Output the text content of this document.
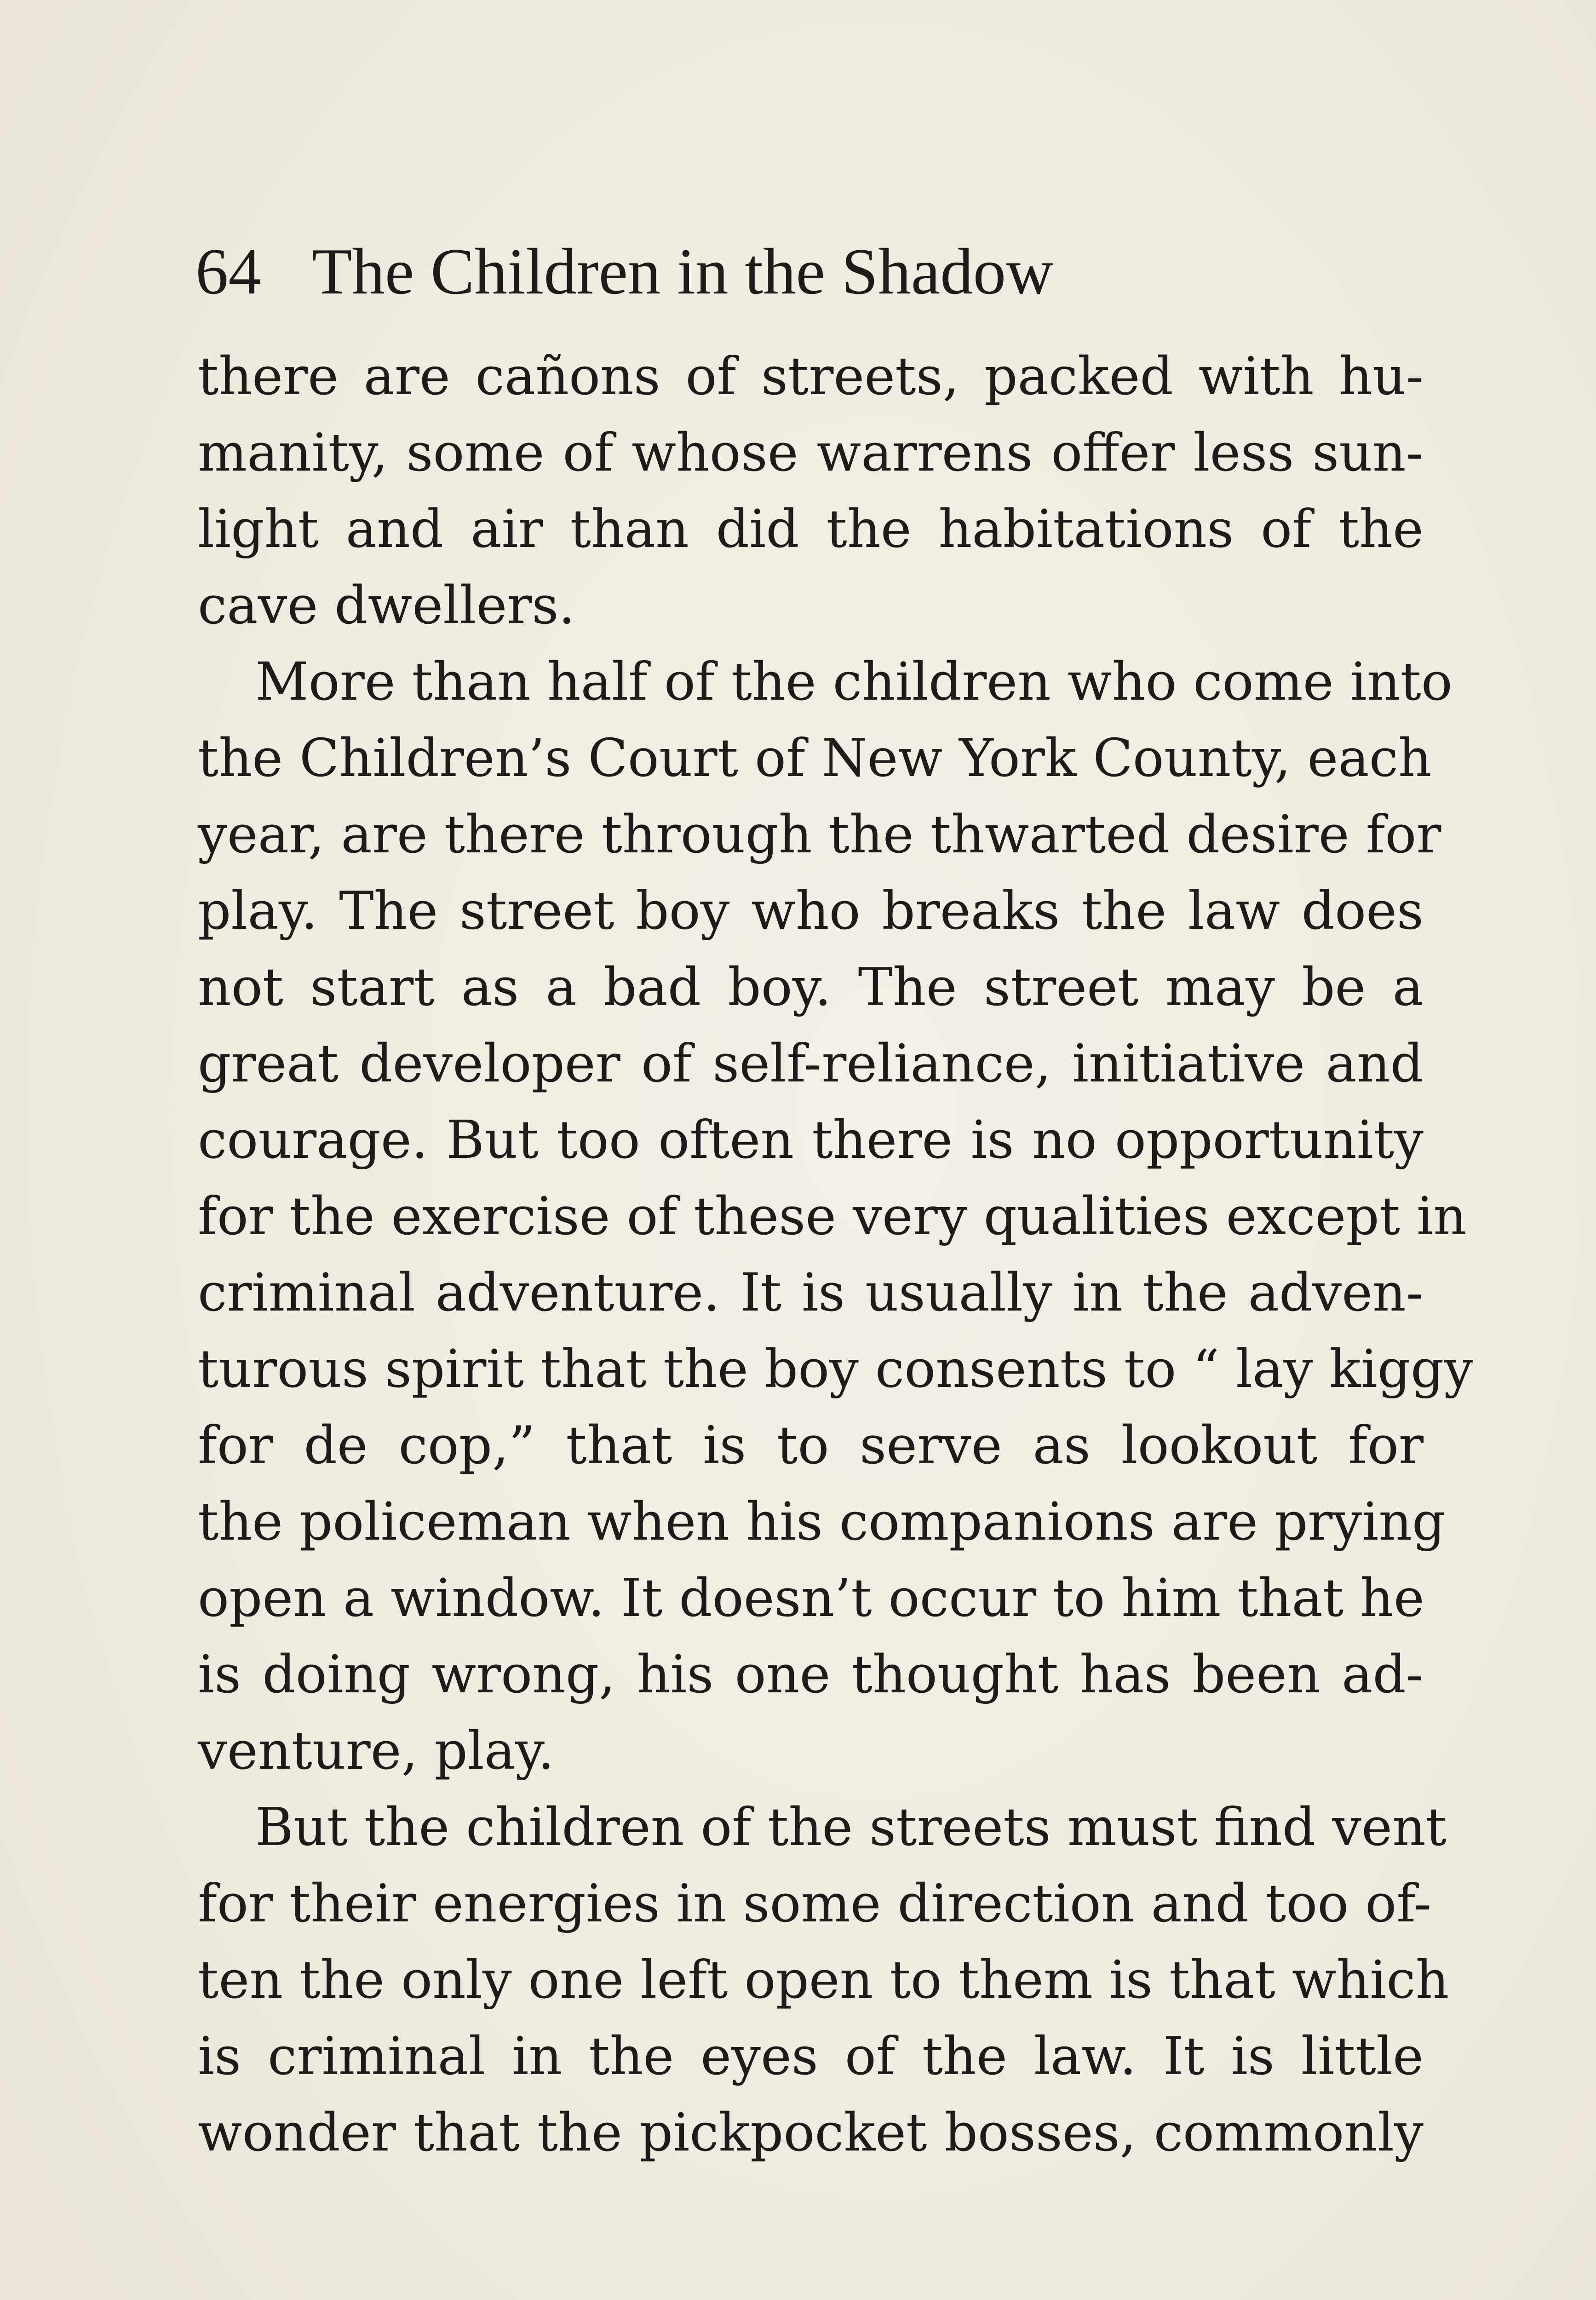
64 The Children in the Shadow
there are cañons of streets, packed with hu-
manity, some of whose warrens offer less sun-
light and air than did the habitations of the
cave dwellers.
More than half of the children who come into
the Children’s Court of New York County, each
year, are there through the thwarted desire for
play. The street boy who breaks the law does
not start as a bad boy. The street may be a
great developer of self-reliance, initiative and
courage. But too often there is no opportunity
for the exercise of these very qualities except in
criminal adventure. It is usually in the adven-
turous spirit that the boy consents to “ lay kiggy
for de cop,” that is to serve as lookout for
the policeman when his companions are prying
open a window. It doesn’t occur to him that he
is doing wrong, his one thought has been ad-
venture, play.
But the children of the streets must find vent
for their energies in some direction and too of-
ten the only one left open to them is that which
is criminal in the eyes of the law. It is little
wonder that the pickpocket bosses, commonly
